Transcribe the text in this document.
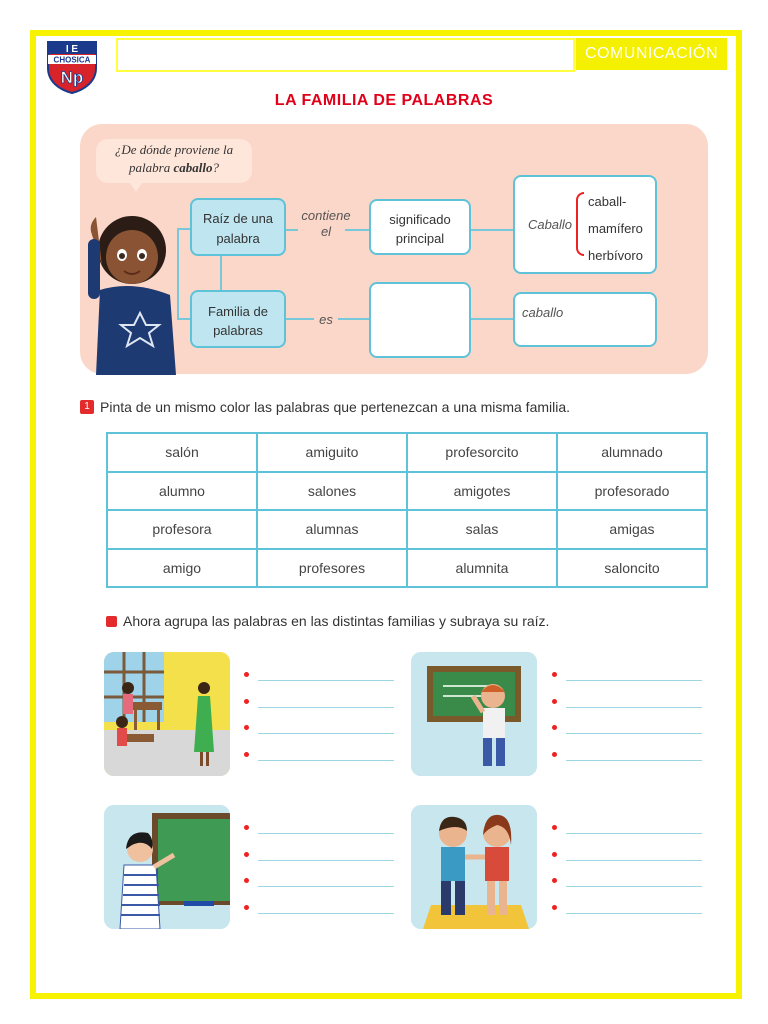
I E
CHOSICA
Np
COMUNICACIÓN
LA FAMILIA DE PALABRAS
¿De dónde proviene la palabra caballo?
Raíz de una palabra
contiene el
significado principal
Caballo
caball-
mamífero
herbívoro
Familia de palabras
es	caballo
1 Pinta de un mismo color las palabras que pertenezcan a una misma familia.
salón	amiguito	profesorcito	alumnado
alumno	salones	amigotes	profesorado
profesora	alumnas	salas	amigas
amigo	profesores	alumnita	saloncito
Ahora agrupa las palabras en las distintas familias y subraya su raíz.
